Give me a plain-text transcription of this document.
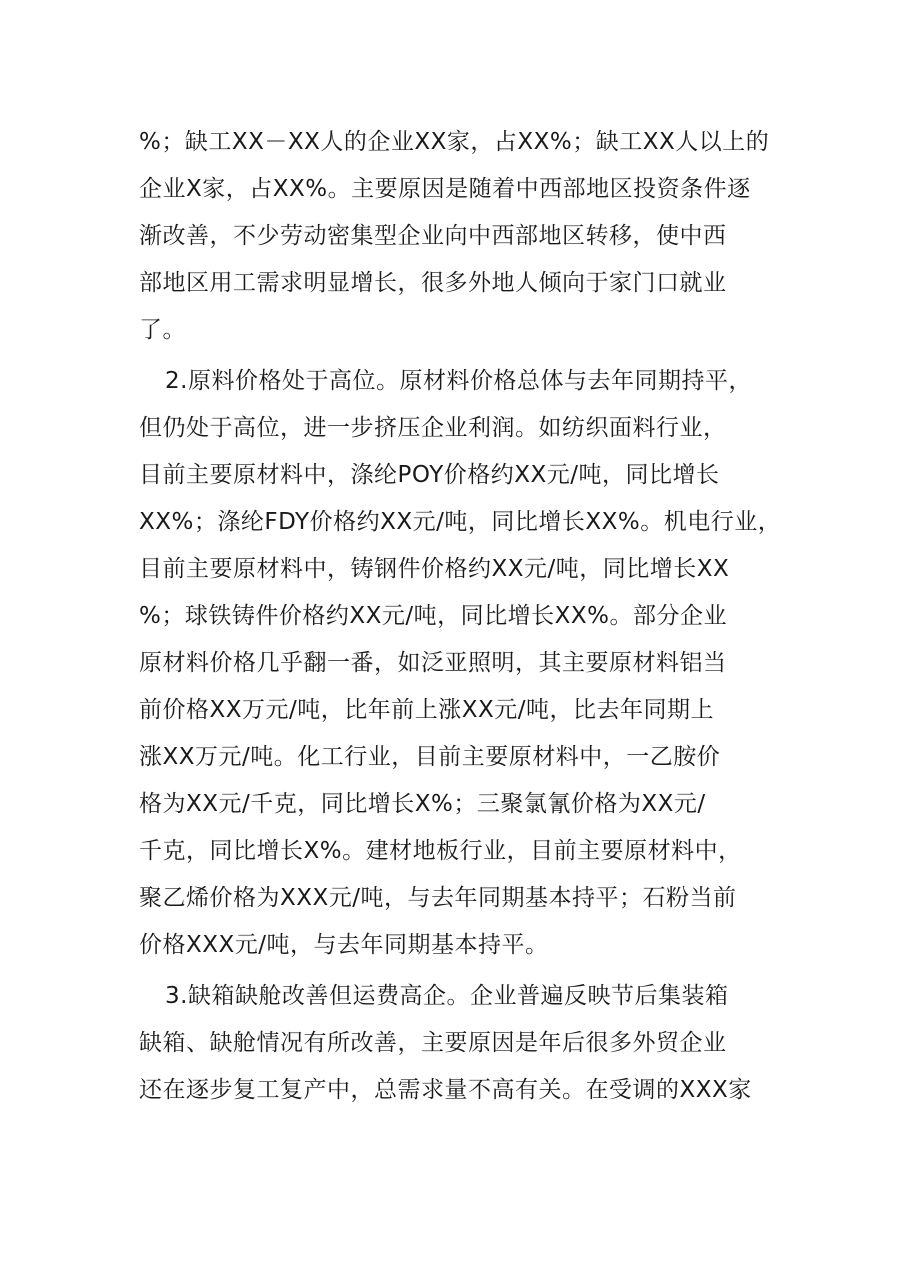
%；缺工XX－XX人的企业XX家，占XX%；缺工XX人以上的
企业X家，占XX%。主要原因是随着中西部地区投资条件逐
渐改善，不少劳动密集型企业向中西部地区转移，使中西
部地区用工需求明显增长，很多外地人倾向于家门口就业
了。
2.原料价格处于高位。原材料价格总体与去年同期持平，
但仍处于高位，进一步挤压企业利润。如纺织面料行业，
目前主要原材料中，涤纶POY价格约XX元/吨，同比增长
XX%；涤纶FDY价格约XX元/吨，同比增长XX%。机电行业，
目前主要原材料中，铸钢件价格约XX元/吨，同比增长XX
%；球铁铸件价格约XX元/吨，同比增长XX%。部分企业
原材料价格几乎翻一番，如泛亚照明，其主要原材料铝当
前价格XX万元/吨，比年前上涨XX元/吨，比去年同期上
涨XX万元/吨。化工行业，目前主要原材料中，一乙胺价
格为XX元/千克，同比增长X%；三聚氯氰价格为XX元/
千克，同比增长X%。建材地板行业，目前主要原材料中，
聚乙烯价格为XXX元/吨，与去年同期基本持平；石粉当前
价格XXX元/吨，与去年同期基本持平。
3.缺箱缺舱改善但运费高企。企业普遍反映节后集装箱
缺箱、缺舱情况有所改善，主要原因是年后很多外贸企业
还在逐步复工复产中，总需求量不高有关。在受调的XXX家
